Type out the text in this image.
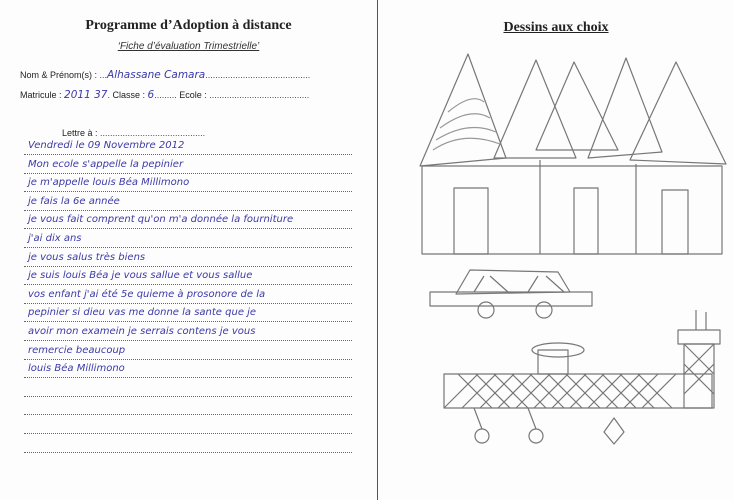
Programme d’Adoption à distance
‘Fiche d’évaluation Trimestrielle’
Nom & Prénom(s) : ...Alhassane Camara..........................................
Matricule : 2011 37. Classe : 6......... Ecole : ........................................
Lettre à : ..........................................
Vendredi le 09 Novembre 2012
Mon ecole s'appelle la pepinier
je m'appelle louis Béa Millimono
je fais la 6e année
je vous fait comprent qu'on m'a donnée la fourniture
j'ai dix ans
je vous salus très biens
je suis louis Béa je vous sallue et vous sallue
vos enfant j'ai été 5e quieme à prosonore de la
pepinier si dieu vas me donne la sante que je
avoir mon examein je serrais contens je vous
remercie beaucoup
louis Béa Millimono
Dessins aux choix
